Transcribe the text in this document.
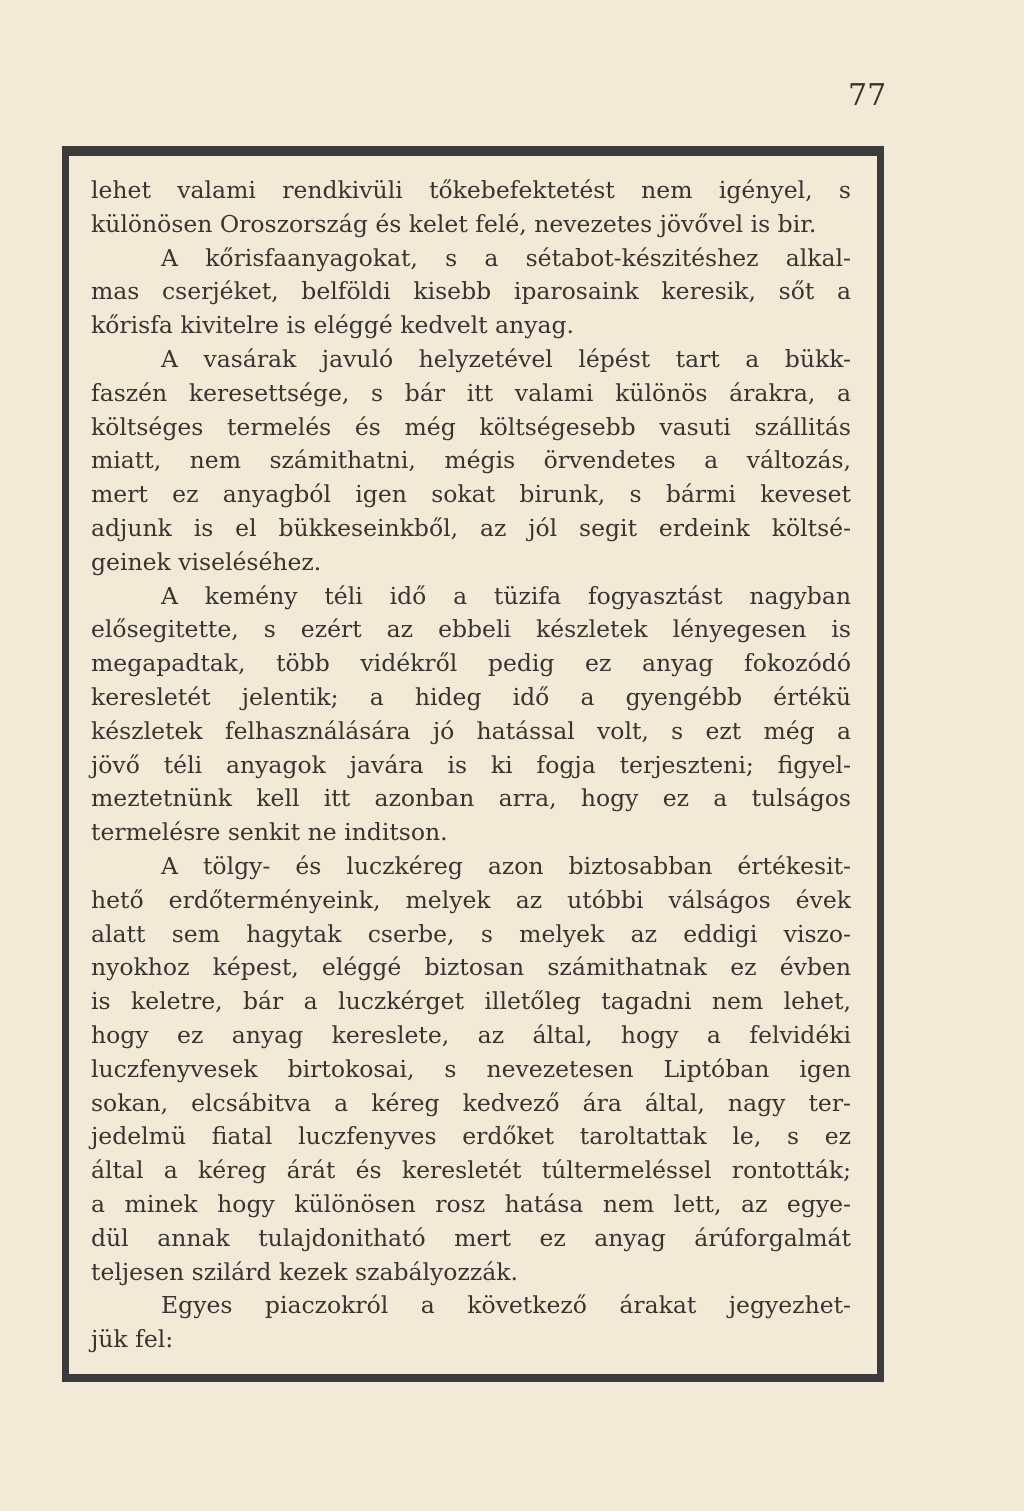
77
lehet valami rendkivüli tőkebefektetést nem igényel, s
különösen Oroszország és kelet felé, nevezetes jövővel is bir.
A kőrisfaanyagokat, s a sétabot-készitéshez alkal-
mas cserjéket, belföldi kisebb iparosaink keresik, sőt a
kőrisfa kivitelre is eléggé kedvelt anyag.
A vasárak javuló helyzetével lépést tart a bükk-
faszén keresettsége, s bár itt valami különös árakra, a
költséges termelés és még költségesebb vasuti szállitás
miatt, nem számithatni, mégis örvendetes a változás,
mert ez anyagból igen sokat birunk, s bármi keveset
adjunk is el bükkeseinkből, az jól segit erdeink költsé-
geinek viseléséhez.
A kemény téli idő a tüzifa fogyasztást nagyban
elősegitette, s ezért az ebbeli készletek lényegesen is
megapadtak, több vidékről pedig ez anyag fokozódó
keresletét jelentik; a hideg idő a gyengébb értékü
készletek felhasználására jó hatással volt, s ezt még a
jövő téli anyagok javára is ki fogja terjeszteni; figyel-
meztetnünk kell itt azonban arra, hogy ez a tulságos
termelésre senkit ne inditson.
A tölgy- és luczkéreg azon biztosabban értékesit-
hető erdőterményeink, melyek az utóbbi válságos évek
alatt sem hagytak cserbe, s melyek az eddigi viszo-
nyokhoz képest, eléggé biztosan számithatnak ez évben
is keletre, bár a luczkérget illetőleg tagadni nem lehet,
hogy ez anyag kereslete, az által, hogy a felvidéki
luczfenyvesek birtokosai, s nevezetesen Liptóban igen
sokan, elcsábitva a kéreg kedvező ára által, nagy ter-
jedelmü fiatal luczfenyves erdőket taroltattak le, s ez
által a kéreg árát és keresletét túltermeléssel rontották;
a minek hogy különösen rosz hatása nem lett, az egye-
dül annak tulajdonitható mert ez anyag árúforgalmát
teljesen szilárd kezek szabályozzák.
Egyes piaczokról a következő árakat jegyezhet-
jük fel:
